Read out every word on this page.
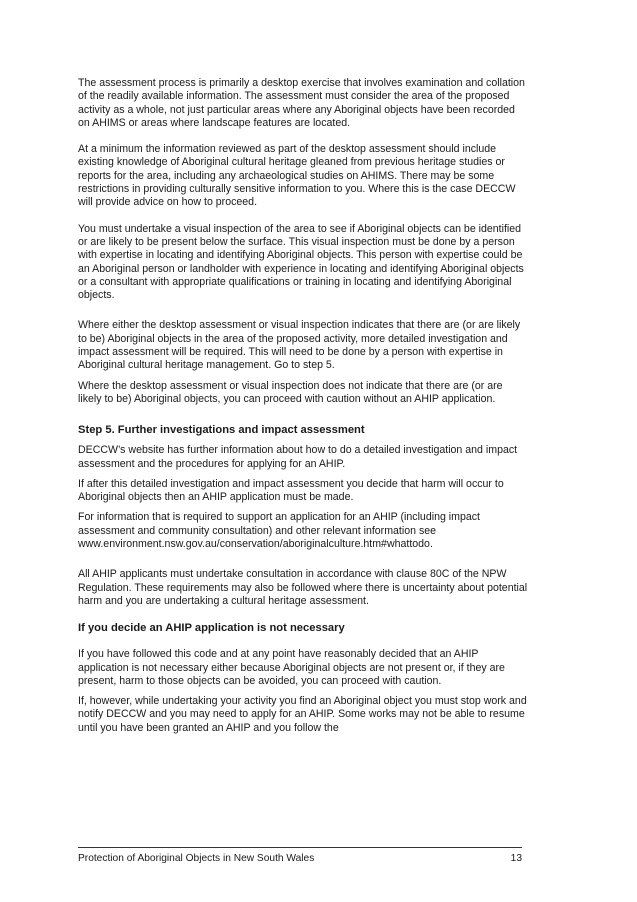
The assessment process is primarily a desktop exercise that involves examination and collation of the readily available information. The assessment must consider the area of the proposed activity as a whole, not just particular areas where any Aboriginal objects have been recorded on AHIMS or areas where landscape features are located.

At a minimum the information reviewed as part of the desktop assessment should include existing knowledge of Aboriginal cultural heritage gleaned from previous heritage studies or reports for the area, including any archaeological studies on AHIMS. There may be some restrictions in providing culturally sensitive information to you. Where this is the case DECCW will provide advice on how to proceed.

You must undertake a visual inspection of the area to see if Aboriginal objects can be identified or are likely to be present below the surface. This visual inspection must be done by a person with expertise in locating and identifying Aboriginal objects. This person with expertise could be an Aboriginal person or landholder with experience in locating and identifying Aboriginal objects or a consultant with appropriate qualifications or training in locating and identifying Aboriginal objects.

Where either the desktop assessment or visual inspection indicates that there are (or are likely to be) Aboriginal objects in the area of the proposed activity, more detailed investigation and impact assessment will be required. This will need to be done by a person with expertise in Aboriginal cultural heritage management. Go to step 5.

Where the desktop assessment or visual inspection does not indicate that there are (or are likely to be) Aboriginal objects, you can proceed with caution without an AHIP application.

Step 5. Further investigations and impact assessment

DECCW’s website has further information about how to do a detailed investigation and impact assessment and the procedures for applying for an AHIP.

If after this detailed investigation and impact assessment you decide that harm will occur to Aboriginal objects then an AHIP application must be made.

For information that is required to support an application for an AHIP (including impact assessment and community consultation) and other relevant information see www.environment.nsw.gov.au/conservation/aboriginalculture.htm#whattodo.

All AHIP applicants must undertake consultation in accordance with clause 80C of the NPW Regulation. These requirements may also be followed where there is uncertainty about potential harm and you are undertaking a cultural heritage assessment.

If you decide an AHIP application is not necessary

If you have followed this code and at any point have reasonably decided that an AHIP application is not necessary either because Aboriginal objects are not present or, if they are present, harm to those objects can be avoided, you can proceed with caution.

If, however, while undertaking your activity you find an Aboriginal object you must stop work and notify DECCW and you may need to apply for an AHIP. Some works may not be able to resume until you have been granted an AHIP and you follow the

Protection of Aboriginal Objects in New South Wales	13
